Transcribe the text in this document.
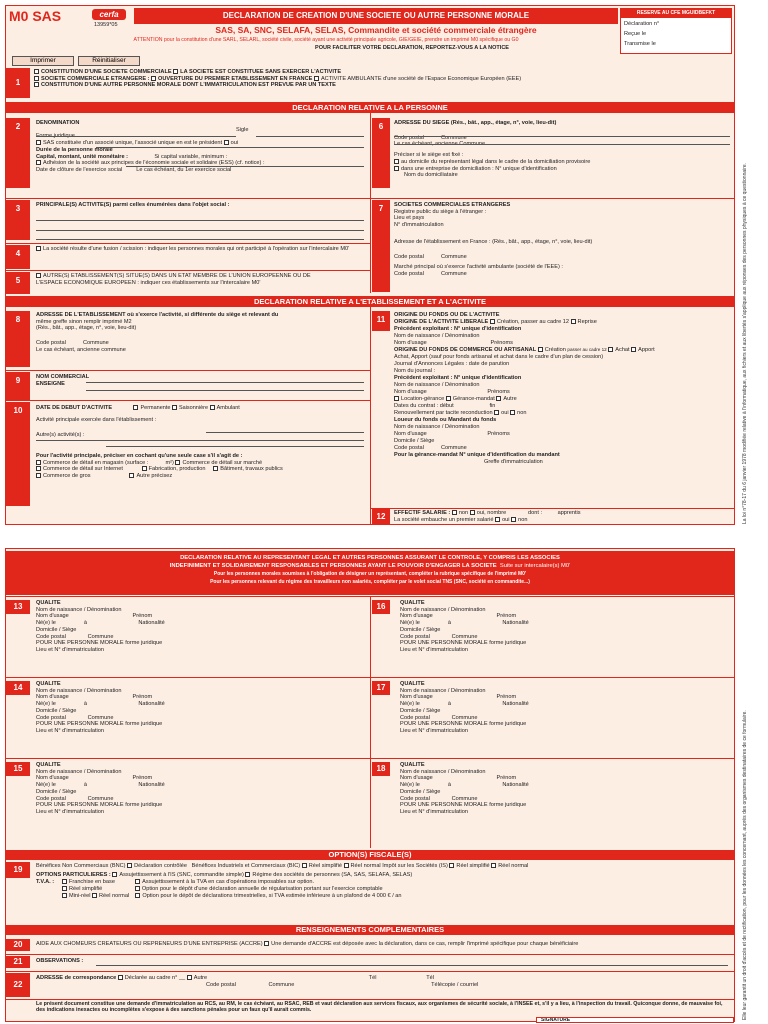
M0 SAS	cerfa
13959*05
DECLARATION DE CREATION D'UNE SOCIETE OU AUTRE PERSONNE MORALE
SAS, SA, SNC, SELAFA, SELAS, Commandite et société commerciale étrangère
ATTENTION pour la constitution d'une SARL, SELARL, société civile, société ayant une activité principale agricole, GIE/GEIE, prendre un imprimé M0 spécifique ou G0
POUR FACILITER VOTRE DECLARATION, REPORTEZ-VOUS A LA NOTICE
RESERVE AU CFE MGUIDBEFKT
Déclaration n°
Reçue le
Transmise le
Imprimer	Réinitialiser
1
CONSTITUTION D'UNE SOCIETE COMMERCIALE LA SOCIETE EST CONSTITUEE SANS EXERCER L'ACTIVITE
SOCIETE COMMERCIALE ETRANGERE : OUVERTURE DU PREMIER ETABLISSEMENT EN FRANCE ACTIVITE AMBULANTE d'une société de l'Espace Economique Européen (EEE)
CONSTITUTION D'UNE AUTRE PERSONNE MORALE DONT L'IMMATRICULATION EST PREVUE PAR UN TEXTE
DECLARATION RELATIVE A LA PERSONNE
2	DENOMINATION
Sigle
Forme juridique
SAS constituée d'un associé unique, l'associé unique en est le président oui
Durée de la personne morale
Capital, montant, unité monétaire :	Si capital variable, minimum :
Adhésion de la société aux principes de l'économie sociale et solidaire (ESS) (cf. notice) :
Date de clôture de l'exercice social	Le cas échéant, du 1er exercice social
3	PRINCIPALE(S) ACTIVITE(S) parmi celles énumérées dans l'objet social :
4	La société résulte d'une fusion / scission : indiquer les personnes morales qui ont participé à l'opération sur l'intercalaire M0'
5	AUTRE(S) ETABLISSEMENT(S) SITUE(S) DANS UN ETAT MEMBRE DE L'UNION EUROPEENNE OU DE
L'ESPACE ECONOMIQUE EUROPEEN : indiquer ces établissements sur l'intercalaire M0'
6	ADRESSE DU SIEGE (Rés., bât., app., étage, n°, voie, lieu-dit)
Code postal	Commune
Le cas échéant, ancienne Commune
Préciser si le siège est fixé :
au domicile du représentant légal dans le cadre de la domiciliation provisoire
dans une entreprise de domiciliation : N° unique d'identification
Nom du domiciliataire
7	SOCIETES COMMERCIALES ETRANGERES
Registre public du siège à l'étranger :
Lieu et pays
N° d'immatriculation
Adresse de l'établissement en France : (Rés., bât., app., étage, n°, voie, lieu-dit)
Code postal	Commune
Marché principal où s'exerce l'activité ambulante (société de l'EEE) :
Code postal	Commune
DECLARATION RELATIVE A L'ETABLISSEMENT ET A L'ACTIVITE
8	ADRESSE DE L'ETABLISSEMENT où s'exerce l'activité, si différente du siège et relevant du
même greffe sinon remplir imprimé M2
(Rés., bât., app., étage, n°, voie, lieu-dit)
Code postal	Commune
Le cas échéant, ancienne commune
9	NOM COMMERCIAL
ENSEIGNE
10	DATE DE DEBUT D'ACTIVITE	Permanente Saisonnière Ambulant
Activité principale exercée dans l'établissement :
Autre(s) activité(s) :
Pour l'activité principale, préciser en cochant qu'une seule case s'il s'agit de :
Commerce de détail en magasin (surface :	m²) Commerce de détail sur marché
Commerce de détail sur Internet	Fabrication, production	Bâtiment, travaux publics
Commerce de gros	Autre précisez
11	ORIGINE DU FONDS OU DE L'ACTIVITE
ORIGINE DE L'ACTIVITE LIBERALE Création, passer au cadre 12 Reprise
Précédent exploitant : N° unique d'identification
Nom de naissance / Dénomination
Nom d'usage	Prénoms
ORIGINE DU FONDS DE COMMERCE OU ARTISANAL Création passer au cadre 12 Achat Apport
Achat, Apport (sauf pour fonds artisanal et achat dans le cadre d'un plan de cession)
Journal d'Annonces Légales : date de parution
Nom du journal :
Précédent exploitant : N° unique d'identification
Nom de naissance / Dénomination
Nom d'usage	Prénoms
Location-gérance Gérance-mandat Autre
Dates du contrat : début	fin
Renouvellement par tacite reconduction oui non
Loueur du fonds ou Mandant du fonds
Nom de naissance / Dénomination
Nom d'usage	Prénoms
Domicile / Siège
Code postal	Commune
Pour la gérance-mandat N° unique d'identification du mandant
Greffe d'immatriculation
12	EFFECTIF SALARIE : non oui, nombre	dont :	apprentis
La société embauche un premier salarié oui non	La loi n°78-17 du 6 janvier 1978 modifiée relative à l'informatique, aux fichiers et aux libertés s'applique aux réponses des personnes physiques à ce questionnaire.
DECLARATION RELATIVE AU REPRESENTANT LEGAL ET AUTRES PERSONNES ASSURANT LE CONTROLE, Y COMPRIS LES ASSOCIES
INDEFINIMENT ET SOLIDAIREMENT RESPONSABLES ET PERSONNES AYANT LE POUVOIR D'ENGAGER LA SOCIETE Suite sur intercalaire(s) M0'
Pour les personnes morales soumises à l'obligation de désigner un représentant, compléter la rubrique spécifique de l'imprimé M0'
Pour les personnes relevant du régime des travailleurs non salariés, compléter par le volet social TNS (SNC, société en commandite...)
13	QUALITE
Nom de naissance / Dénomination
Nom d'usage	Prénom
Né(e) le	à	Nationalité
Domicile / Siège
Code postal	Commune
POUR UNE PERSONNE MORALE forme juridique
Lieu et N° d'immatriculation
14	QUALITE
Nom de naissance / Dénomination
Nom d'usage	Prénom
Né(e) le	à	Nationalité
Domicile / Siège
Code postal	Commune
POUR UNE PERSONNE MORALE forme juridique
Lieu et N° d'immatriculation
15	QUALITE
Nom de naissance / Dénomination
Nom d'usage	Prénom
Né(e) le	à	Nationalité
Domicile / Siège
Code postal	Commune
POUR UNE PERSONNE MORALE forme juridique
Lieu et N° d'immatriculation
16	QUALITE
Nom de naissance / Dénomination
Nom d'usage	Prénom
Né(e) le	à	Nationalité
Domicile / Siège
Code postal	Commune
POUR UNE PERSONNE MORALE forme juridique
Lieu et N° d'immatriculation
17	QUALITE
Nom de naissance / Dénomination
Nom d'usage	Prénom
Né(e) le	à	Nationalité
Domicile / Siège
Code postal	Commune
POUR UNE PERSONNE MORALE forme juridique
Lieu et N° d'immatriculation
18	QUALITE
Nom de naissance / Dénomination
Nom d'usage	Prénom
Né(e) le	à	Nationalité
Domicile / Siège
Code postal	Commune
POUR UNE PERSONNE MORALE forme juridique
Lieu et N° d'immatriculation
OPTION(S) FISCALE(S)
19	Bénéfices Non Commerciaux (BNC) Déclaration contrôlée Bénéfices Industriels et Commerciaux (BIC) Réel simplifié Réel normal Impôt sur les Sociétés (IS) Réel simplifié Réel normal
OPTIONS PARTICULIERES : Assujettissement à l'IS (SNC, commandite simple) Régime des sociétés de personnes (SA, SAS, SELAFA, SELAS)
T.V.A. :	Franchise en base	Assujettissement à la TVA en cas d'opérations imposables sur option.
Réel simplifié	Option pour le dépôt d'une déclaration annuelle de régularisation portant sur l'exercice comptable
Mini-réel Réel normal Option pour le dépôt de déclarations trimestrielles, si TVA estimée inférieure à un plafond de 4 000 € / an
RENSEIGNEMENTS COMPLEMENTAIRES
20	AIDE AUX CHOMEURS CREATEURS OU REPRENEURS D'UNE ENTREPRISE (ACCRE) Une demande d'ACCRE est déposée avec la déclaration, dans ce cas, remplir l'imprimé spécifique pour chaque bénéficiaire
21	OBSERVATIONS :
22
ADRESSE de correspondance Déclarée au cadre n° __ Autre	Tél	Tél
Code postal	Commune	Télécopie / courriel
Le présent document constitue une demande d'immatriculation au RCS, au RM, le cas échéant, au RSAC, REB et vaut déclaration aux services fiscaux, aux organismes de sécurité sociale, à l'INSEE et, s'il y a lieu, à l'inspection du travail. Quiconque donne, de mauvaise foi, des indications inexactes ou incomplètes s'expose à des sanctions pénales pour un faux qu'il aurait commis.
SIGNATURE	Elle leur garantit un droit d'accès et de rectification, pour les données les concernant, auprès des organismes destinataires de ce formulaire.
